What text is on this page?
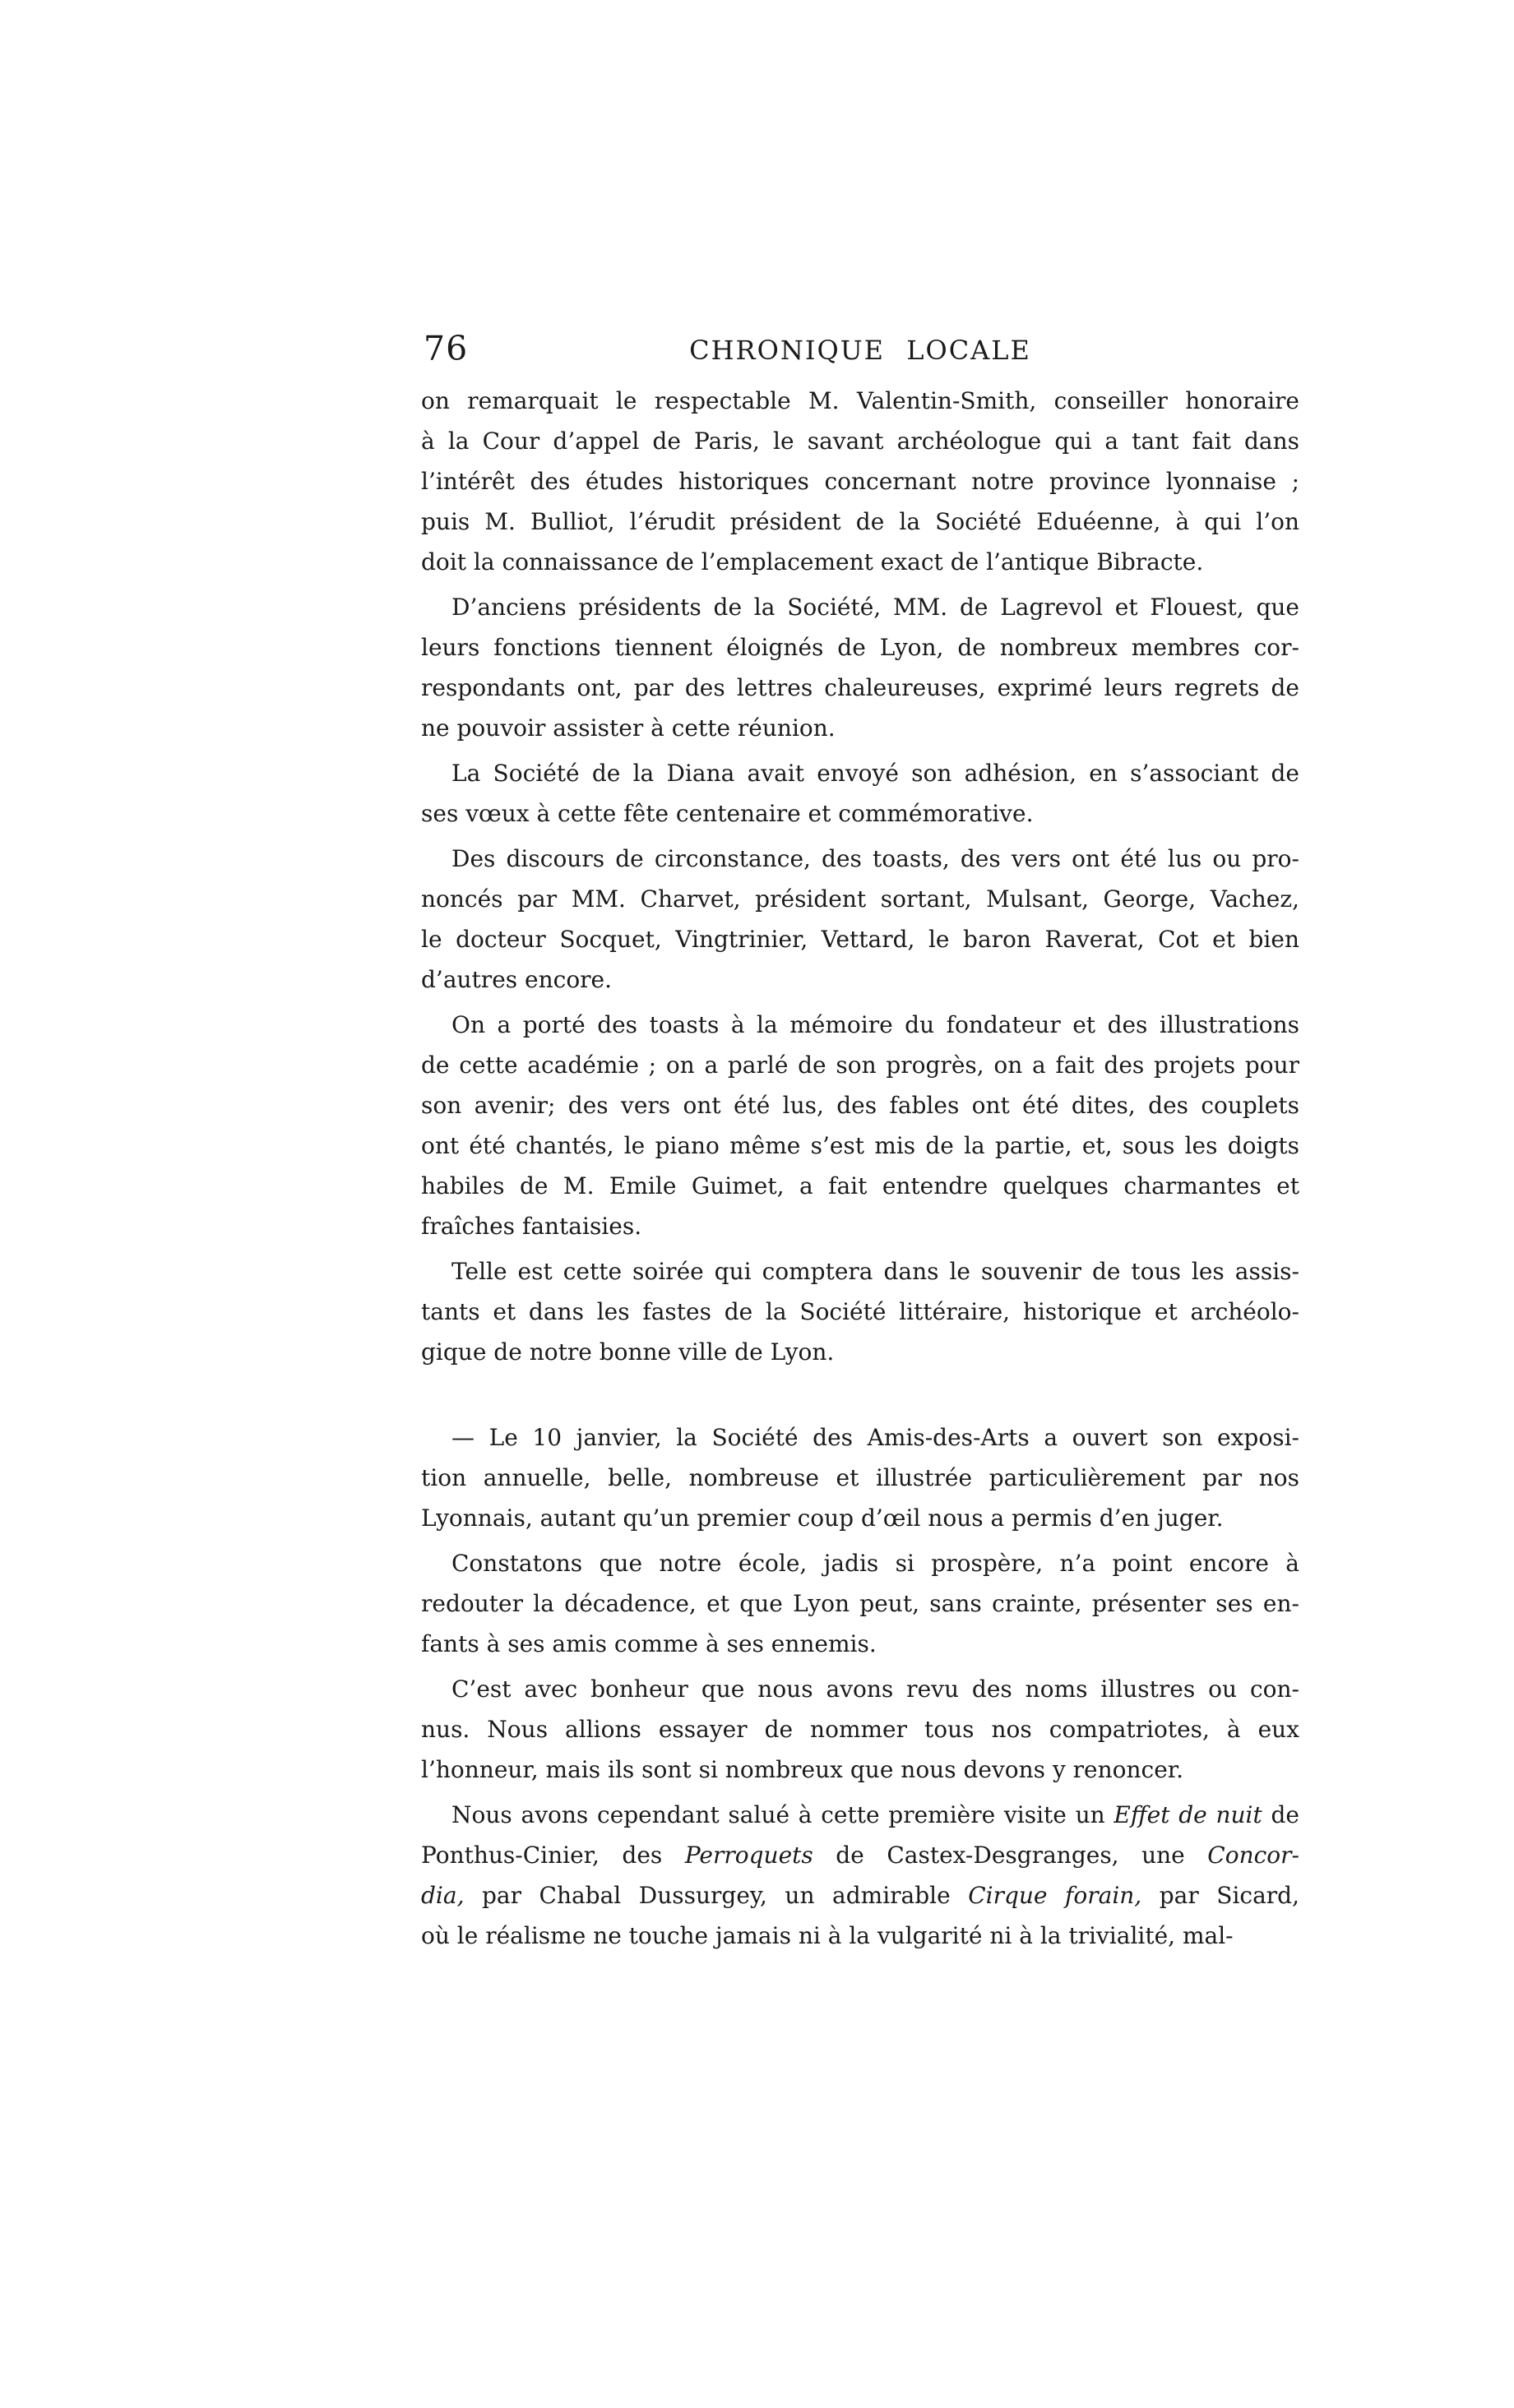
76	CHRONIQUE LOCALE
on remarquait le respectable M. Valentin-Smith, conseiller honoraire
à la Cour d’appel de Paris, le savant archéologue qui a tant fait dans
l’intérêt des études historiques concernant notre province lyonnaise ;
puis M. Bulliot, l’érudit président de la Société Eduéenne, à qui l’on
doit la connaissance de l’emplacement exact de l’antique Bibracte.
D’anciens présidents de la Société, MM. de Lagrevol et Flouest, que
leurs fonctions tiennent éloignés de Lyon, de nombreux membres cor-
respondants ont, par des lettres chaleureuses, exprimé leurs regrets de
ne pouvoir assister à cette réunion.
La Société de la Diana avait envoyé son adhésion, en s’associant de
ses vœux à cette fête centenaire et commémorative.
Des discours de circonstance, des toasts, des vers ont été lus ou pro-
noncés par MM. Charvet, président sortant, Mulsant, George, Vachez,
le docteur Socquet, Vingtrinier, Vettard, le baron Raverat, Cot et bien
d’autres encore.
On a porté des toasts à la mémoire du fondateur et des illustrations
de cette académie ; on a parlé de son progrès, on a fait des projets pour
son avenir; des vers ont été lus, des fables ont été dites, des couplets
ont été chantés, le piano même s’est mis de la partie, et, sous les doigts
habiles de M. Emile Guimet, a fait entendre quelques charmantes et
fraîches fantaisies.
Telle est cette soirée qui comptera dans le souvenir de tous les assis-
tants et dans les fastes de la Société littéraire, historique et archéolo-
gique de notre bonne ville de Lyon.
— Le 10 janvier, la Société des Amis-des-Arts a ouvert son exposi-
tion annuelle, belle, nombreuse et illustrée particulièrement par nos
Lyonnais, autant qu’un premier coup d’œil nous a permis d’en juger.
Constatons que notre école, jadis si prospère, n’a point encore à
redouter la décadence, et que Lyon peut, sans crainte, présenter ses en-
fants à ses amis comme à ses ennemis.
C’est avec bonheur que nous avons revu des noms illustres ou con-
nus. Nous allions essayer de nommer tous nos compatriotes, à eux
l’honneur, mais ils sont si nombreux que nous devons y renoncer.
Nous avons cependant salué à cette première visite un Effet de nuit de
Ponthus-Cinier, des Perroquets de Castex-Desgranges, une Concor-
dia, par Chabal Dussurgey, un admirable Cirque forain, par Sicard,
où le réalisme ne touche jamais ni à la vulgarité ni à la trivialité, mal-
